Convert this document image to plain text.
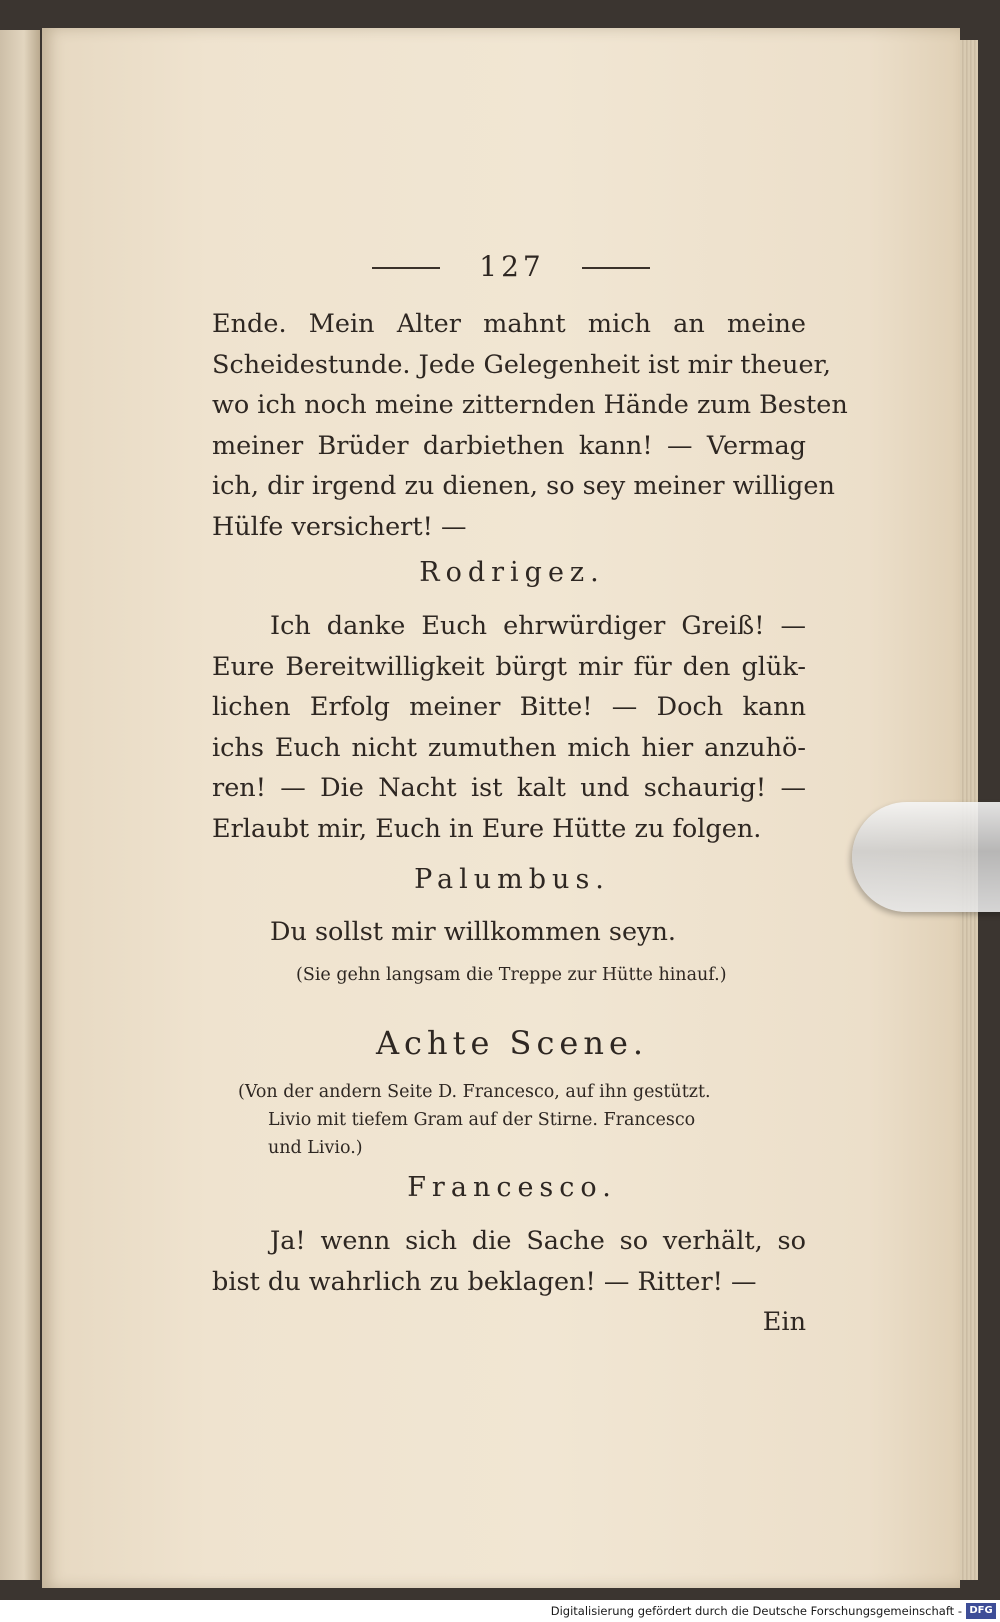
127
Ende. Mein Alter mahnt mich an meine
Scheidestunde. Jede Gelegenheit ist mir theuer,
wo ich noch meine zitternden Hände zum Besten
meiner Brüder darbiethen kann! — Vermag
ich, dir irgend zu dienen, so sey meiner willigen
Hülfe versichert! —
Rodrigez.
Ich danke Euch ehrwürdiger Greiß! —
Eure Bereitwilligkeit bürgt mir für den glük-
lichen Erfolg meiner Bitte! — Doch kann
ichs Euch nicht zumuthen mich hier anzuhö-
ren! — Die Nacht ist kalt und schaurig! —
Erlaubt mir, Euch in Eure Hütte zu folgen.
Palumbus.
Du sollst mir willkommen seyn.
(Sie gehn langsam die Treppe zur Hütte hinauf.)
Achte Scene.
(Von der andern Seite D. Francesco, auf ihn gestützt.
Livio mit tiefem Gram auf der Stirne. Francesco
und Livio.)
Francesco.
Ja! wenn sich die Sache so verhält, so
bist du wahrlich zu beklagen! — Ritter! —
Ein
Digitalisierung gefördert durch die Deutsche Forschungsgemeinschaft - DFG
